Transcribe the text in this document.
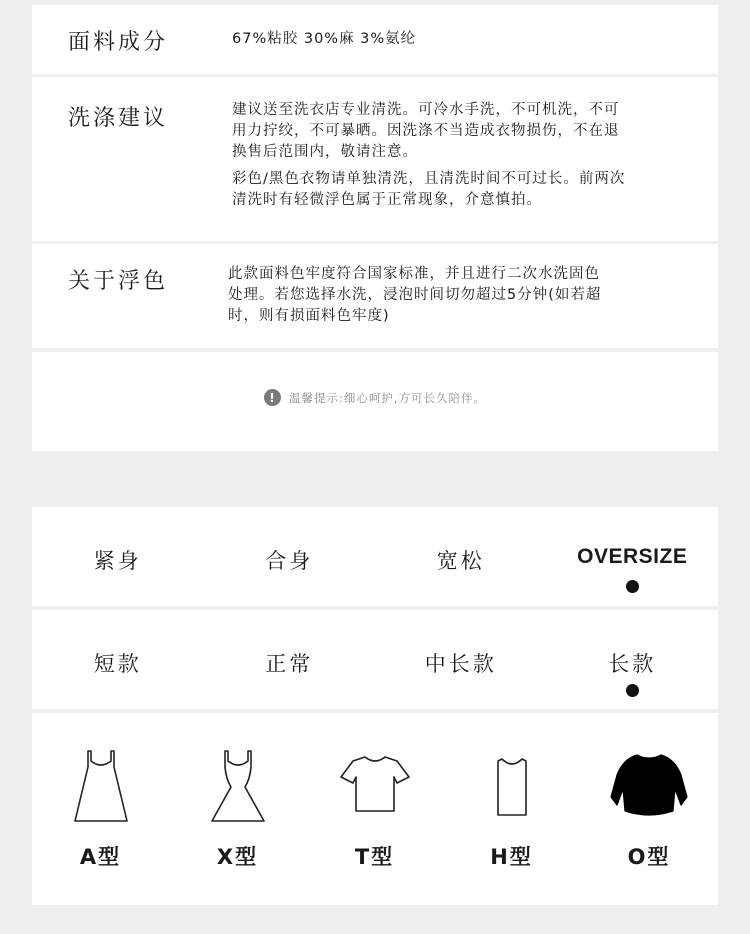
面料成分	67%粘胶 30%麻 3%氨纶

洗涤建议	建议送至洗衣店专业清洗。可冷水手洗，不可机洗，不可

用力拧绞，不可暴晒。因洗涤不当造成衣物损伤，不在退

换售后范围内，敬请注意。

彩色/黑色衣物请单独清洗，且清洗时间不可过长。前两次

清洗时有轻微浮色属于正常现象，介意慎拍。

关于浮色	此款面料色牢度符合国家标准，并且进行二次水洗固色

处理。若您选择水洗，浸泡时间切勿超过5分钟(如若超

时，则有损面料色牢度)

!	温馨提示:细心呵护,方可长久陪伴。
紧身	合身	宽松	OVERSIZE
短款	正常	中长款	长款
A型	X型	T型	H型	O型
